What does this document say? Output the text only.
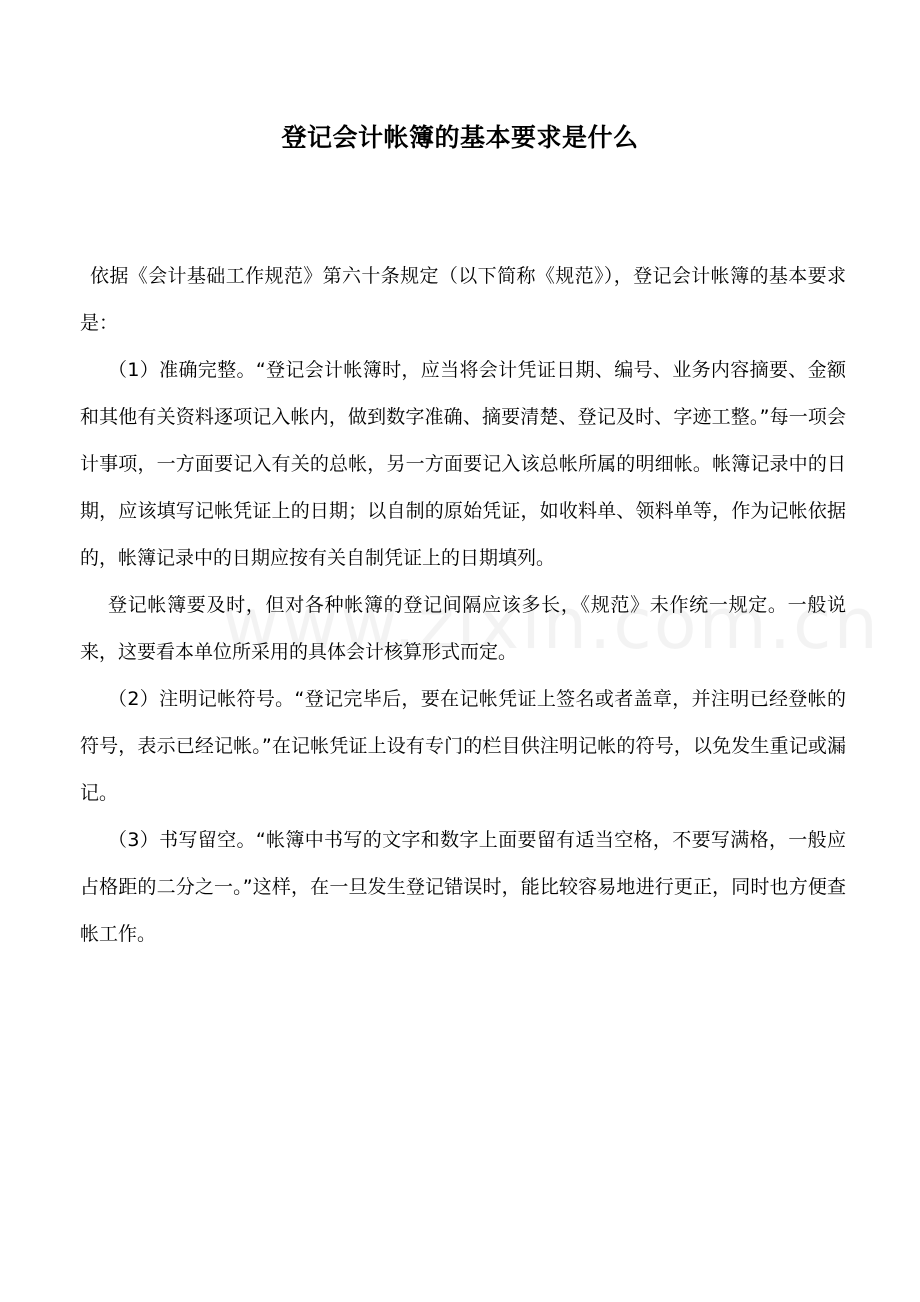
登记会计帐簿的基本要求是什么

依据《会计基础工作规范》第六十条规定（以下简称《规范》），登记会计帐簿的基本要求是：

（1）准确完整。“登记会计帐簿时，应当将会计凭证日期、编号、业务内容摘要、金额和其他有关资料逐项记入帐内，做到数字准确、摘要清楚、登记及时、字迹工整。”每一项会计事项，一方面要记入有关的总帐，另一方面要记入该总帐所属的明细帐。帐簿记录中的日期，应该填写记帐凭证上的日期；以自制的原始凭证，如收料单、领料单等，作为记帐依据的，帐簿记录中的日期应按有关自制凭证上的日期填列。

登记帐簿要及时，但对各种帐簿的登记间隔应该多长，《规范》未作统一规定。一般说来，这要看本单位所采用的具体会计核算形式而定。

（2）注明记帐符号。“登记完毕后，要在记帐凭证上签名或者盖章，并注明已经登帐的符号，表示已经记帐。”在记帐凭证上设有专门的栏目供注明记帐的符号，以免发生重记或漏记。

（3）书写留空。“帐簿中书写的文字和数字上面要留有适当空格，不要写满格，一般应占格距的二分之一。”这样，在一旦发生登记错误时，能比较容易地进行更正，同时也方便查帐工作。
